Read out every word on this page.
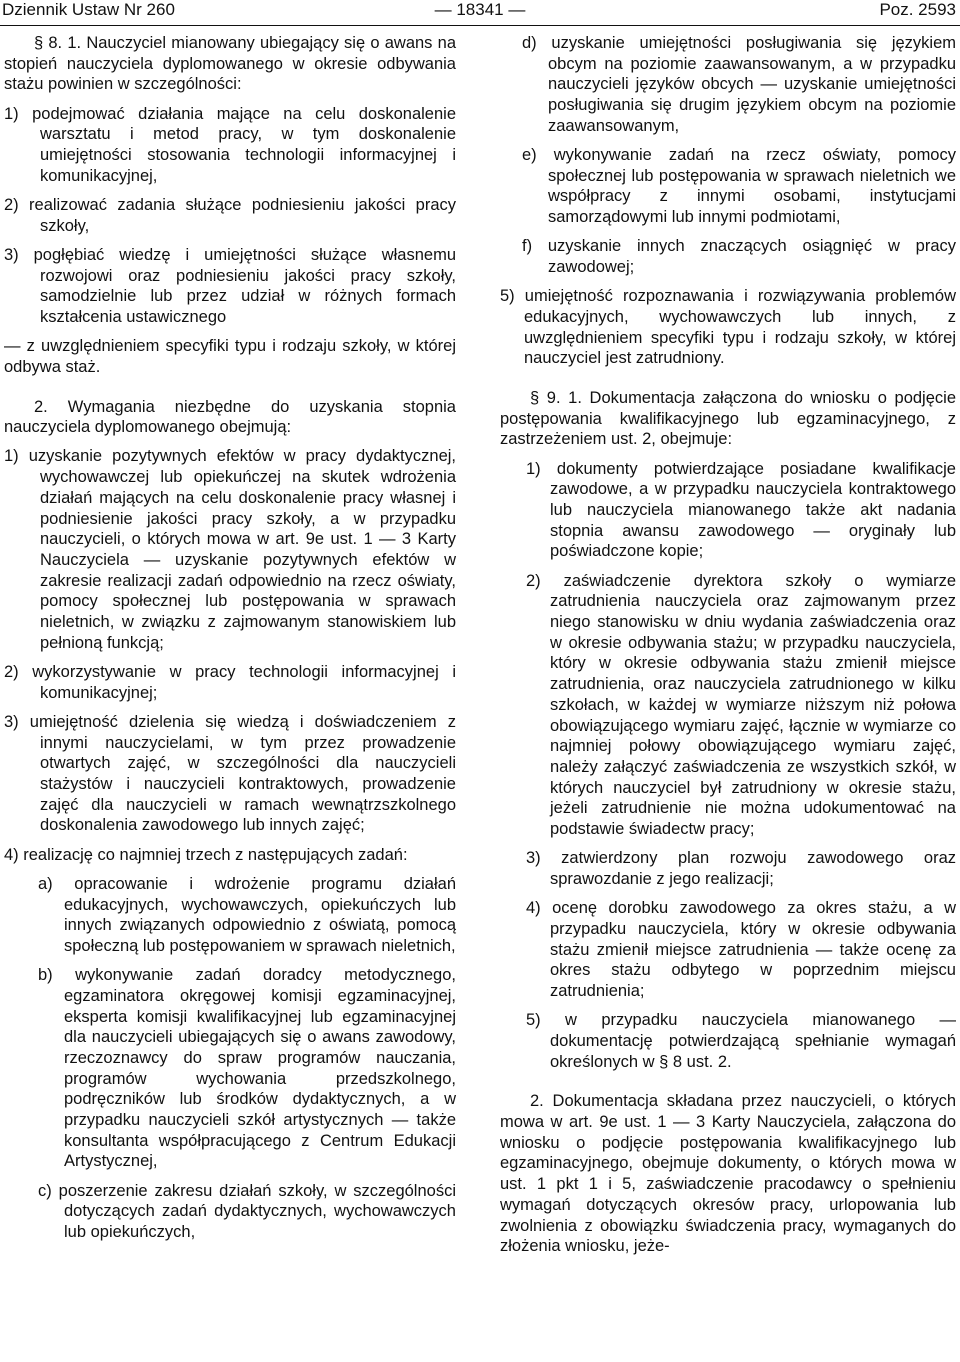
Dziennik Ustaw Nr 260	— 18341 —	Poz. 2593

§ 8. 1. Nauczyciel mianowany ubiegający się o awans na stopień nauczyciela dyplomowanego w okresie odbywania stażu powinien w szczególności:

1) podejmować działania mające na celu doskonalenie warsztatu i metod pracy, w tym doskonalenie umiejętności stosowania technologii informacyjnej i komunikacyjnej,

2) realizować zadania służące podniesieniu jakości pracy szkoły,

3) pogłębiać wiedzę i umiejętności służące własnemu rozwojowi oraz podniesieniu jakości pracy szkoły, samodzielnie lub przez udział w różnych formach kształcenia ustawicznego

— z uwzględnieniem specyfiki typu i rodzaju szkoły, w której odbywa staż.

2. Wymagania niezbędne do uzyskania stopnia nauczyciela dyplomowanego obejmują:

1) uzyskanie pozytywnych efektów w pracy dydaktycznej, wychowawczej lub opiekuńczej na skutek wdrożenia działań mających na celu doskonalenie pracy własnej i podniesienie jakości pracy szkoły, a w przypadku nauczycieli, o których mowa w art. 9e ust. 1 — 3 Karty Nauczyciela — uzyskanie pozytywnych efektów w zakresie realizacji zadań odpowiednio na rzecz oświaty, pomocy społecznej lub postępowania w sprawach nieletnich, w związku z zajmowanym stanowiskiem lub pełnioną funkcją;

2) wykorzystywanie w pracy technologii informacyjnej i komunikacyjnej;

3) umiejętność dzielenia się wiedzą i doświadczeniem z innymi nauczycielami, w tym przez prowadzenie otwartych zajęć, w szczególności dla nauczycieli stażystów i nauczycieli kontraktowych, prowadzenie zajęć dla nauczycieli w ramach wewnątrzszkolnego doskonalenia zawodowego lub innych zajęć;

4) realizację co najmniej trzech z następujących zadań:

a) opracowanie i wdrożenie programu działań edukacyjnych, wychowawczych, opiekuńczych lub innych związanych odpowiednio z oświatą, pomocą społeczną lub postępowaniem w sprawach nieletnich,

b) wykonywanie zadań doradcy metodycznego, egzaminatora okręgowej komisji egzaminacyjnej, eksperta komisji kwalifikacyjnej lub egzaminacyjnej dla nauczycieli ubiegających się o awans zawodowy, rzeczoznawcy do spraw programów nauczania, programów wychowania przedszkolnego, podręczników lub środków dydaktycznych, a w przypadku nauczycieli szkół artystycznych — także konsultanta współpracującego z Centrum Edukacji Artystycznej,

c) poszerzenie zakresu działań szkoły, w szczególności dotyczących zadań dydaktycznych, wychowawczych lub opiekuńczych,

d) uzyskanie umiejętności posługiwania się językiem obcym na poziomie zaawansowanym, a w przypadku nauczycieli języków obcych — uzyskanie umiejętności posługiwania się drugim językiem obcym na poziomie zaawansowanym,

e) wykonywanie zadań na rzecz oświaty, pomocy społecznej lub postępowania w sprawach nieletnich we współpracy z innymi osobami, instytucjami samorządowymi lub innymi podmiotami,

f) uzyskanie innych znaczących osiągnięć w pracy zawodowej;

5) umiejętność rozpoznawania i rozwiązywania problemów edukacyjnych, wychowawczych lub innych, z uwzględnieniem specyfiki typu i rodzaju szkoły, w której nauczyciel jest zatrudniony.

§ 9. 1. Dokumentacja załączona do wniosku o podjęcie postępowania kwalifikacyjnego lub egzaminacyjnego, z zastrzeżeniem ust. 2, obejmuje:

1) dokumenty potwierdzające posiadane kwalifikacje zawodowe, a w przypadku nauczyciela kontraktowego lub nauczyciela mianowanego także akt nadania stopnia awansu zawodowego — oryginały lub poświadczone kopie;

2) zaświadczenie dyrektora szkoły o wymiarze zatrudnienia nauczyciela oraz zajmowanym przez niego stanowisku w dniu wydania zaświadczenia oraz w okresie odbywania stażu; w przypadku nauczyciela, który w okresie odbywania stażu zmienił miejsce zatrudnienia, oraz nauczyciela zatrudnionego w kilku szkołach, w każdej w wymiarze niższym niż połowa obowiązującego wymiaru zajęć, łącznie w wymiarze co najmniej połowy obowiązującego wymiaru zajęć, należy załączyć zaświadczenia ze wszystkich szkół, w których nauczyciel był zatrudniony w okresie stażu, jeżeli zatrudnienie nie można udokumentować na podstawie świadectw pracy;

3) zatwierdzony plan rozwoju zawodowego oraz sprawozdanie z jego realizacji;

4) ocenę dorobku zawodowego za okres stażu, a w przypadku nauczyciela, który w okresie odbywania stażu zmienił miejsce zatrudnienia — także ocenę za okres stażu odbytego w poprzednim miejscu zatrudnienia;

5) w przypadku nauczyciela mianowanego — dokumentację potwierdzającą spełnianie wymagań określonych w § 8 ust. 2.

2. Dokumentacja składana przez nauczycieli, o których mowa w art. 9e ust. 1 — 3 Karty Nauczyciela, załączona do wniosku o podjęcie postępowania kwalifikacyjnego lub egzaminacyjnego, obejmuje dokumenty, o których mowa w ust. 1 pkt 1 i 5, zaświadczenie pracodawcy o spełnieniu wymagań dotyczących okresów pracy, urlopowania lub zwolnienia z obowiązku świadczenia pracy, wymaganych do złożenia wniosku, jeże-
